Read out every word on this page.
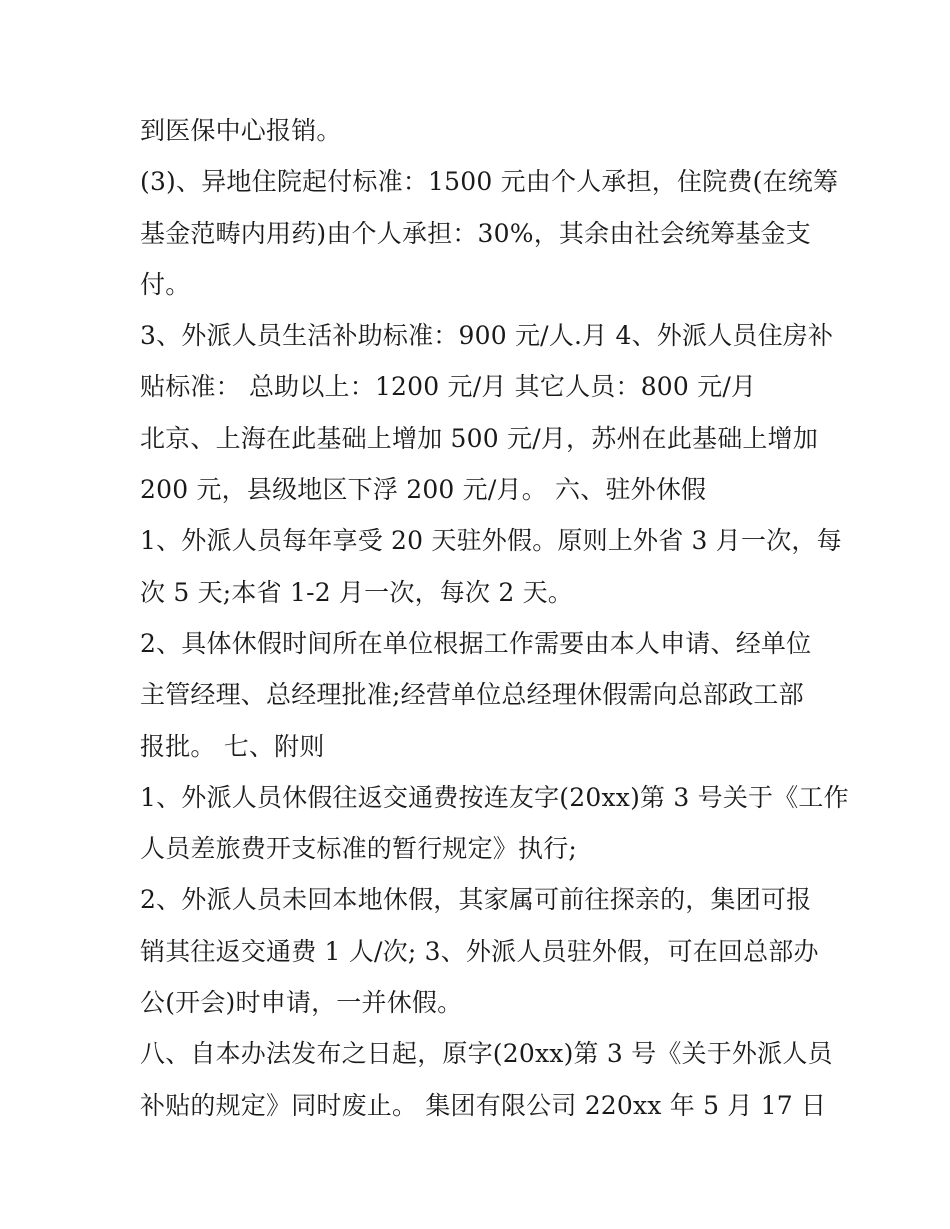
到医保中心报销。

(3)、异地住院起付标准：1500 元由个人承担，住院费(在统筹

基金范畴内用药)由个人承担：30%，其余由社会统筹基金支

付。

3、外派人员生活补助标准：900 元/人.月 4、外派人员住房补

贴标准： 总助以上：1200 元/月 其它人员：800 元/月

北京、上海在此基础上增加 500 元/月，苏州在此基础上增加

200 元，县级地区下浮 200 元/月。 六、驻外休假

1、外派人员每年享受 20 天驻外假。原则上外省 3 月一次，每

次 5 天;本省 1-2 月一次，每次 2 天。

2、具体休假时间所在单位根据工作需要由本人申请、经单位

主管经理、总经理批准;经营单位总经理休假需向总部政工部

报批。 七、附则

1、外派人员休假往返交通费按连友字(20xx)第 3 号关于《工作

人员差旅费开支标准的暂行规定》执行;

2、外派人员未回本地休假，其家属可前往探亲的，集团可报

销其往返交通费 1 人/次; 3、外派人员驻外假，可在回总部办

公(开会)时申请，一并休假。

八、自本办法发布之日起，原字(20xx)第 3 号《关于外派人员

补贴的规定》同时废止。 集团有限公司 220xx 年 5 月 17 日
